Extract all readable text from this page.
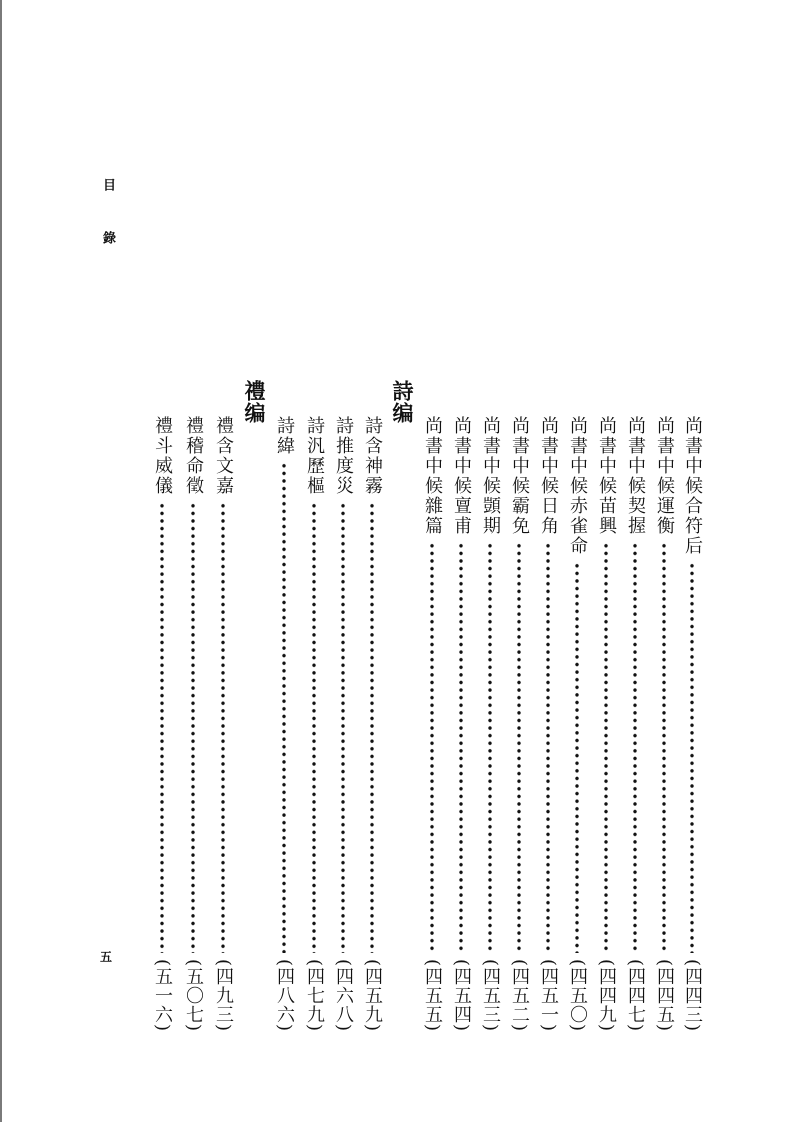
目錄
五
尚書中候合符后
(四四三)
尚書中候運衡
(四四五)
尚書中候契握
(四四七)
尚書中候苗興
(四四九)
尚書中候赤雀命
(四五〇)
尚書中候日角
(四五一)
尚書中候霸免
(四五二)
尚書中候顗期
(四五三)
尚書中候亶甫
(四五四)
尚書中候雜篇
(四五五)
詩编
詩含神霧
(四五九)
詩推度災
(四六八)
詩汎歷樞
(四七九)
詩緯
(四八六)
禮编
禮含文嘉
(四九三)
禮稽命徵
(五〇七)
禮斗威儀
(五一六)
